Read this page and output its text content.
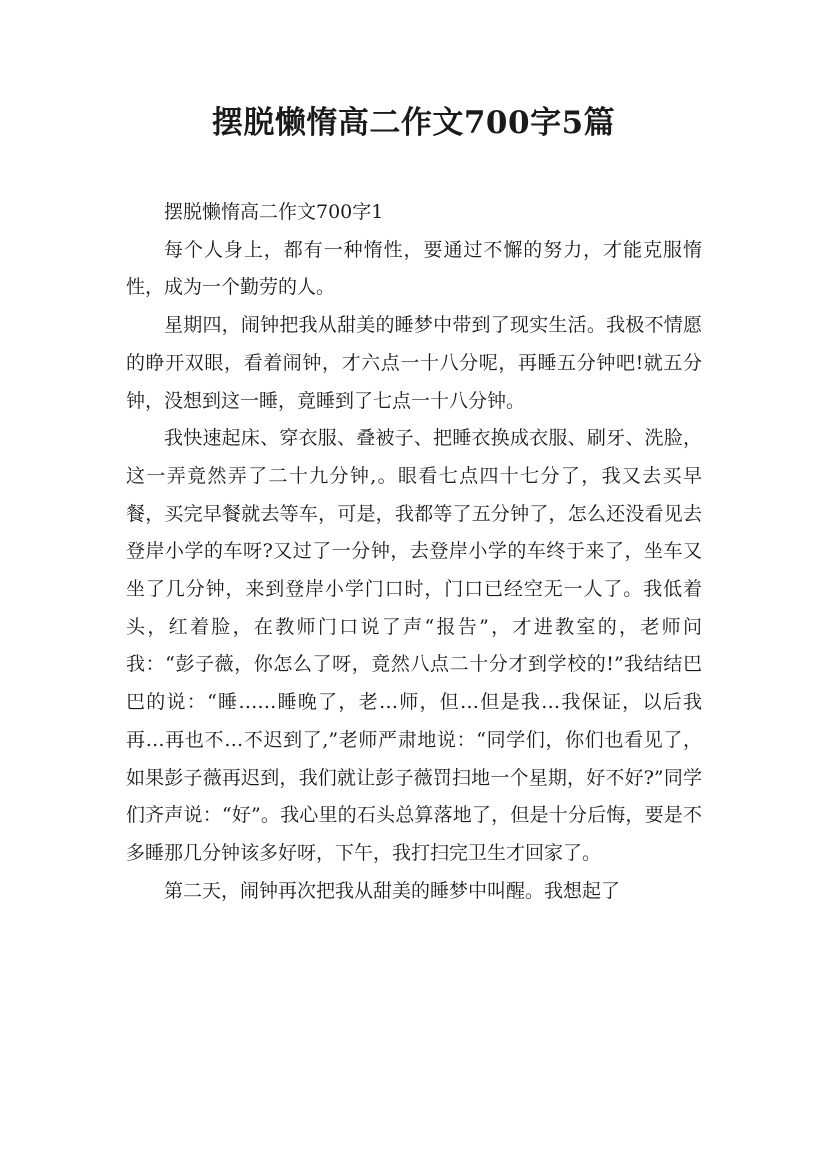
摆脱懒惰高二作文700字5篇

摆脱懒惰高二作文700字1

每个人身上，都有一种惰性，要通过不懈的努力，才能克服惰性，成为一个勤劳的人。

星期四，闹钟把我从甜美的睡梦中带到了现实生活。我极不情愿的睁开双眼，看着闹钟，才六点一十八分呢，再睡五分钟吧!就五分钟，没想到这一睡，竟睡到了七点一十八分钟。

我快速起床、穿衣服、叠被子、把睡衣换成衣服、刷牙、洗脸，这一弄竟然弄了二十九分钟,。眼看七点四十七分了，我又去买早餐，买完早餐就去等车，可是，我都等了五分钟了，怎么还没看见去登岸小学的车呀?又过了一分钟，去登岸小学的车终于来了，坐车又坐了几分钟，来到登岸小学门口时，门口已经空无一人了。我低着头，红着脸，在教师门口说了声“报告”，才进教室的，老师问我：“彭子薇，你怎么了呀，竟然八点二十分才到学校的!”我结结巴巴的说：“睡……睡晚了，老…师，但…但是我…我保证，以后我再…再也不…不迟到了,”老师严肃地说：“同学们，你们也看见了，如果彭子薇再迟到，我们就让彭子薇罚扫地一个星期，好不好?”同学们齐声说：“好”。我心里的石头总算落地了，但是十分后悔，要是不多睡那几分钟该多好呀，下午，我打扫完卫生才回家了。

第二天，闹钟再次把我从甜美的睡梦中叫醒。我想起了
